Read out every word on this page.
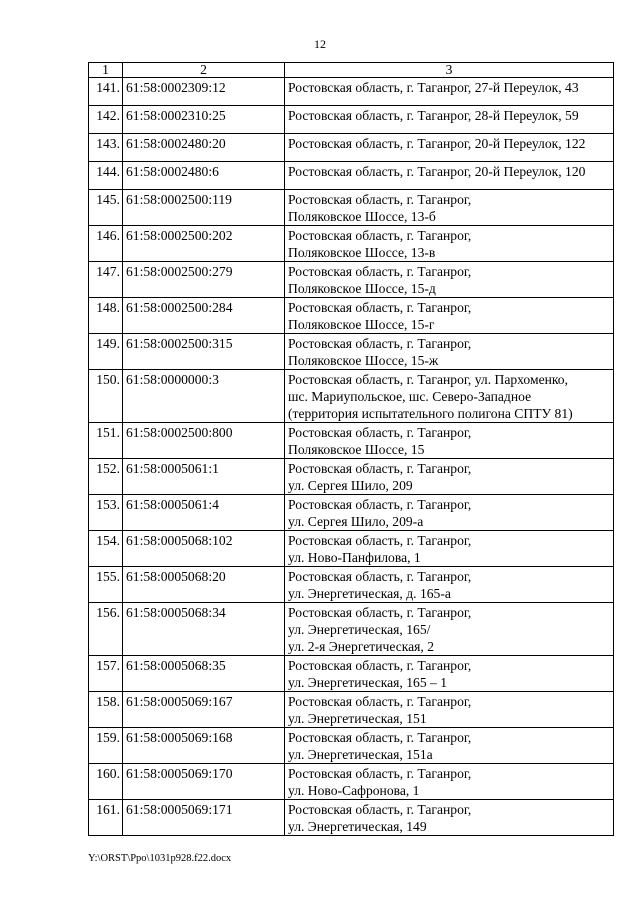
12
1	2	3
141.	61:58:0002309:12	Ростовская область, г. Таганрог, 27-й Переулок, 43

142.	61:58:0002310:25	Ростовская область, г. Таганрог, 28-й Переулок, 59

143.	61:58:0002480:20	Ростовская область, г. Таганрог, 20-й Переулок, 122

144.	61:58:0002480:6	Ростовская область, г. Таганрог, 20-й Переулок, 120

145.	61:58:0002500:119	Ростовская область, г. Таганрог,
Поляковское Шоссе, 13-б

146.	61:58:0002500:202	Ростовская область, г. Таганрог,
Поляковское Шоссе, 13-в

147.	61:58:0002500:279	Ростовская область, г. Таганрог,
Поляковское Шоссе, 15-д

148.	61:58:0002500:284	Ростовская область, г. Таганрог,
Поляковское Шоссе, 15-г

149.	61:58:0002500:315	Ростовская область, г. Таганрог,
Поляковское Шоссе, 15-ж

150.	61:58:0000000:3	Ростовская область, г. Таганрог, ул. Пархоменко,
шс. Мариупольское, шс. Северо-Западное
(территория испытательного полигона СПТУ 81)

151.	61:58:0002500:800	Ростовская область, г. Таганрог,
Поляковское Шоссе, 15

152.	61:58:0005061:1	Ростовская область, г. Таганрог,
ул. Сергея Шило, 209

153.	61:58:0005061:4	Ростовская область, г. Таганрог,
ул. Сергея Шило, 209-а

154.	61:58:0005068:102	Ростовская область, г. Таганрог,
ул. Ново-Панфилова, 1

155.	61:58:0005068:20	Ростовская область, г. Таганрог,
ул. Энергетическая, д. 165-а

156.	61:58:0005068:34	Ростовская область, г. Таганрог,
ул. Энергетическая, 165/
ул. 2-я Энергетическая, 2

157.	61:58:0005068:35	Ростовская область, г. Таганрог,
ул. Энергетическая, 165 – 1

158.	61:58:0005069:167	Ростовская область, г. Таганрог,
ул. Энергетическая, 151

159.	61:58:0005069:168	Ростовская область, г. Таганрог,
ул. Энергетическая, 151а

160.	61:58:0005069:170	Ростовская область, г. Таганрог,
ул. Ново-Сафронова, 1

161.	61:58:0005069:171	Ростовская область, г. Таганрог,
ул. Энергетическая, 149
Y:\ORST\Ppo\1031p928.f22.docx
